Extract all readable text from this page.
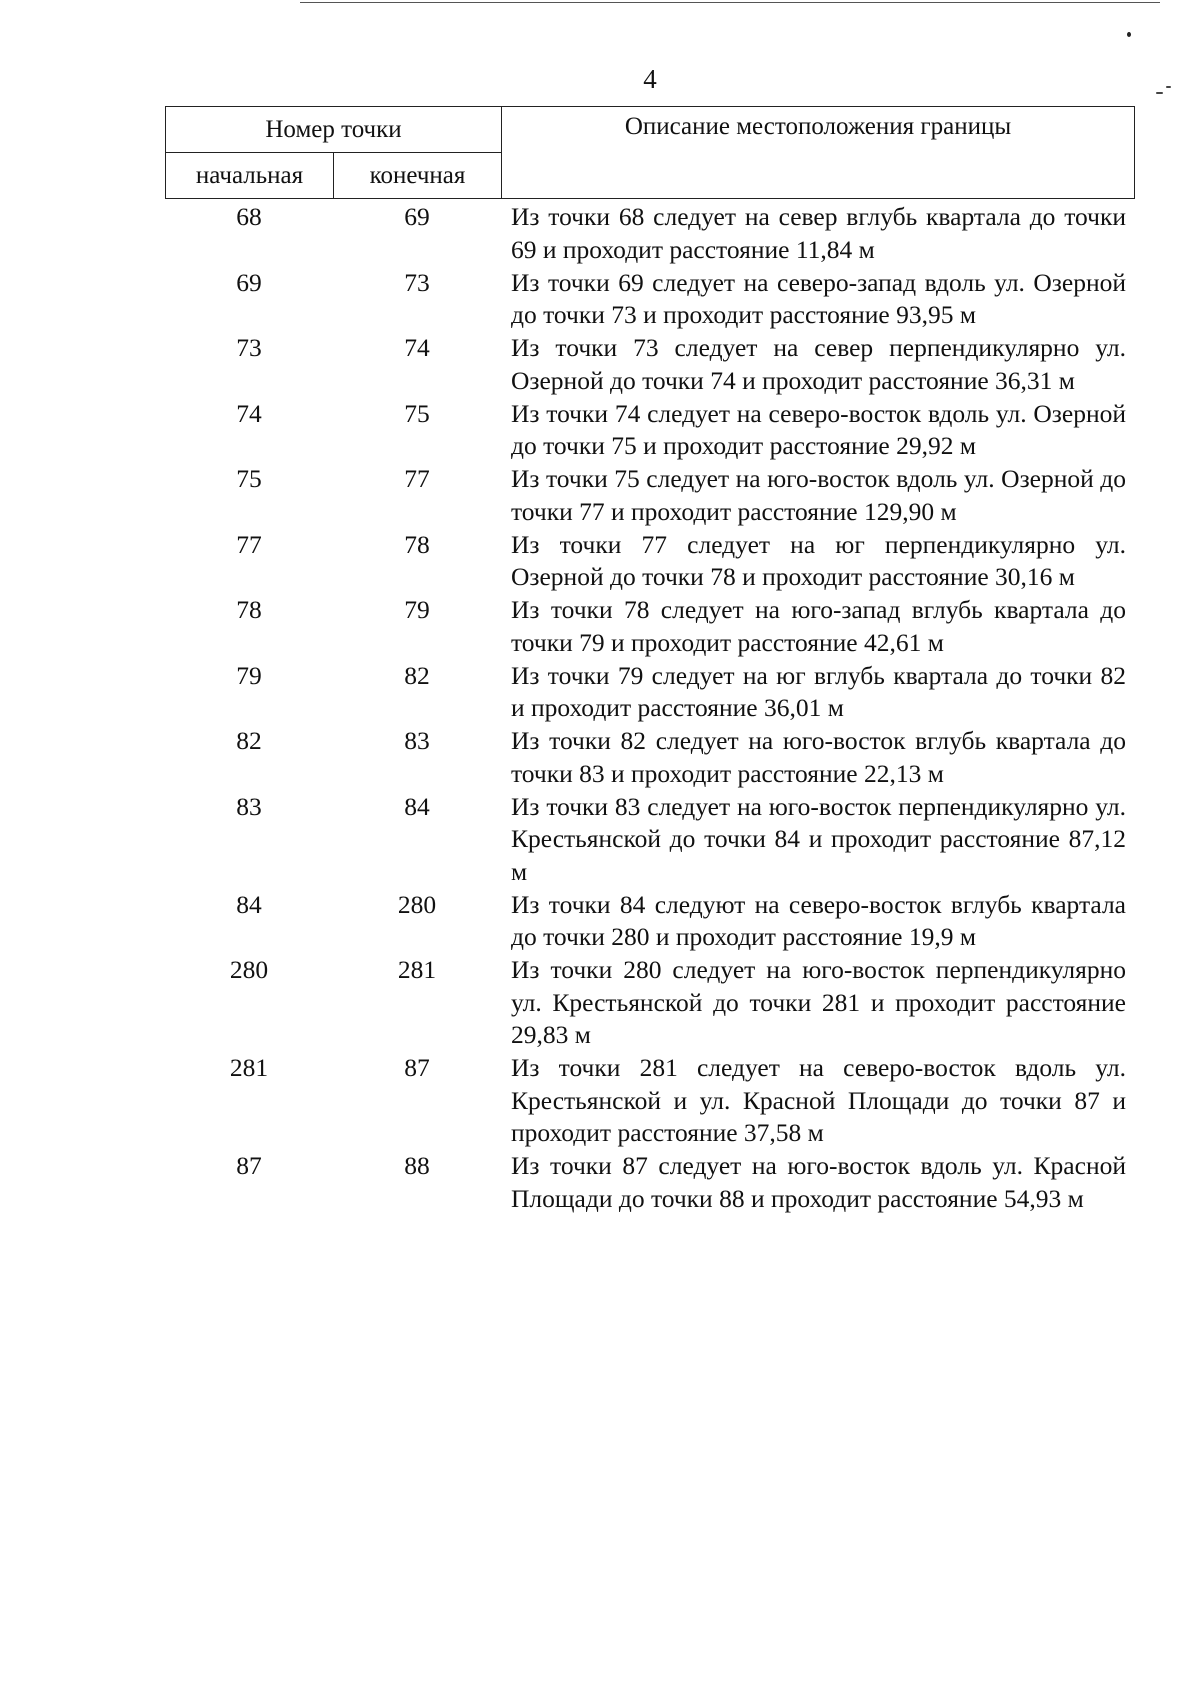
4
Номер точки		Описание местоположения границы
начальная	конечная	
68	69	Из точки 68 следует на север вглубь квартала до точки 69 и проходит расстояние 11,84 м
69	73	Из точки 69 следует на северо-запад вдоль ул. Озерной до точки 73 и проходит расстояние 93,95 м
73	74	Из точки 73 следует на север перпендикулярно ул. Озерной до точки 74 и проходит расстояние 36,31 м
74	75	Из точки 74 следует на северо-восток вдоль ул. Озерной до точки 75 и проходит расстояние 29,92 м
75	77	Из точки 75 следует на юго-восток вдоль ул. Озерной до точки 77 и проходит расстояние 129,90 м
77	78	Из точки 77 следует на юг перпендикулярно ул. Озерной до точки 78 и проходит расстояние 30,16 м
78	79	Из точки 78 следует на юго-запад вглубь квартала до точки 79 и проходит расстояние 42,61 м
79	82	Из точки 79 следует на юг вглубь квартала до точки 82 и проходит расстояние 36,01 м
82	83	Из точки 82 следует на юго-восток вглубь квартала до точки 83 и проходит расстояние 22,13 м
83	84	Из точки 83 следует на юго-восток перпендикулярно ул. Крестьянской до точки 84 и проходит расстояние 87,12 м
84	280	Из точки 84 следуют на северо-восток вглубь квартала до точки 280 и проходит расстояние 19,9 м
280	281	Из точки 280 следует на юго-восток перпендикулярно ул. Крестьянской до точки 281 и проходит расстояние 29,83 м
281	87	Из точки 281 следует на северо-восток вдоль ул. Крестьянской и ул. Красной Площади до точки 87 и проходит расстояние 37,58 м
87	88	Из точки 87 следует на юго-восток вдоль ул. Красной Площади до точки 88 и проходит расстояние 54,93 м
